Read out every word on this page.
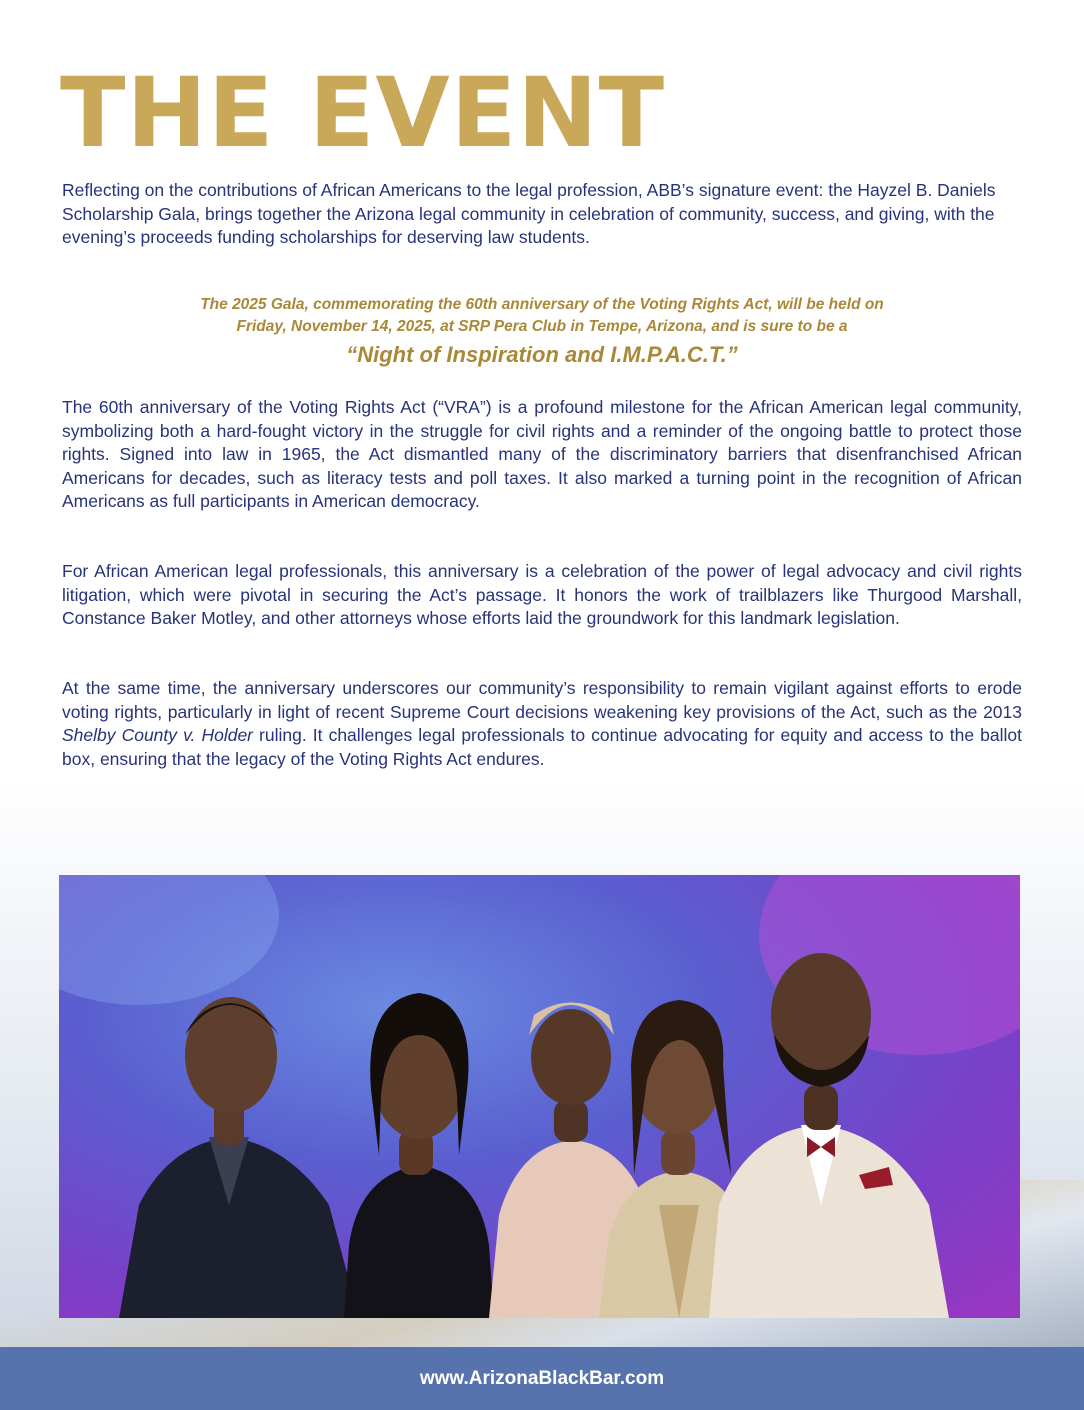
THE EVENT

Reflecting on the contributions of African Americans to the legal profession, ABB’s signature event: the Hayzel B. Daniels Scholarship Gala, brings together the Arizona legal community in celebration of community, success, and giving, with the evening’s proceeds funding scholarships for deserving law students.

The 2025 Gala, commemorating the 60th anniversary of the Voting Rights Act, will be held on
Friday, November 14, 2025, at SRP Pera Club in Tempe, Arizona, and is sure to be a
“Night of Inspiration and I.M.P.A.C.T.”

The 60th anniversary of the Voting Rights Act (“VRA”) is a profound milestone for the African American legal community, symbolizing both a hard-fought victory in the struggle for civil rights and a reminder of the ongoing battle to protect those rights. Signed into law in 1965, the Act dismantled many of the discriminatory barriers that disenfranchised African Americans for decades, such as literacy tests and poll taxes. It also marked a turning point in the recognition of African Americans as full participants in American democracy.

For African American legal professionals, this anniversary is a celebration of the power of legal advocacy and civil rights litigation, which were pivotal in securing the Act’s passage. It honors the work of trailblazers like Thurgood Marshall, Constance Baker Motley, and other attorneys whose efforts laid the groundwork for this landmark legislation.

At the same time, the anniversary underscores our community’s responsibility to remain vigilant against efforts to erode voting rights, particularly in light of recent Supreme Court decisions weakening key provisions of the Act, such as the 2013 Shelby County v. Holder ruling. It challenges legal professionals to continue advocating for equity and access to the ballot box, ensuring that the legacy of the Voting Rights Act endures.

www.ArizonaBlackBar.com
